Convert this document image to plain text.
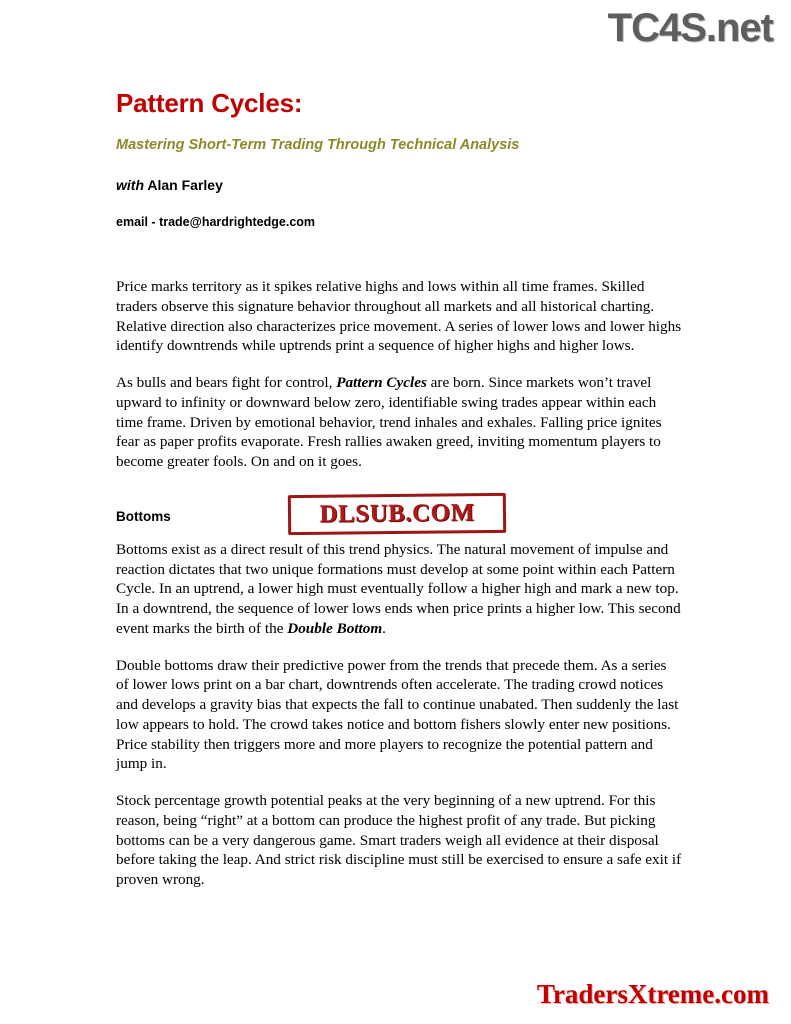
TC4S.net
Pattern Cycles:
Mastering Short-Term Trading Through Technical Analysis
with Alan Farley
email - trade@hardrightedge.com

Price marks territory as it spikes relative highs and lows within all time frames. Skilled traders observe this signature behavior throughout all markets and all historical charting. Relative direction also characterizes price movement. A series of lower lows and lower highs identify downtrends while uptrends print a sequence of higher highs and higher lows.

As bulls and bears fight for control, Pattern Cycles are born. Since markets won’t travel upward to infinity or downward below zero, identifiable swing trades appear within each time frame. Driven by emotional behavior, trend inhales and exhales. Falling price ignites fear as paper profits evaporate. Fresh rallies awaken greed, inviting momentum players to become greater fools. On and on it goes.

Bottoms

Bottoms exist as a direct result of this trend physics. The natural movement of impulse and reaction dictates that two unique formations must develop at some point within each Pattern Cycle. In an uptrend, a lower high must eventually follow a higher high and mark a new top. In a downtrend, the sequence of lower lows ends when price prints a higher low. This second event marks the birth of the Double Bottom.

Double bottoms draw their predictive power from the trends that precede them. As a series of lower lows print on a bar chart, downtrends often accelerate. The trading crowd notices and develops a gravity bias that expects the fall to continue unabated. Then suddenly the last low appears to hold. The crowd takes notice and bottom fishers slowly enter new positions. Price stability then triggers more and more players to recognize the potential pattern and jump in.

Stock percentage growth potential peaks at the very beginning of a new uptrend. For this reason, being “right” at a bottom can produce the highest profit of any trade. But picking bottoms can be a very dangerous game. Smart traders weigh all evidence at their disposal before taking the leap. And strict risk discipline must still be exercised to ensure a safe exit if proven wrong.

DLSUB.COM
TradersXtreme.com
